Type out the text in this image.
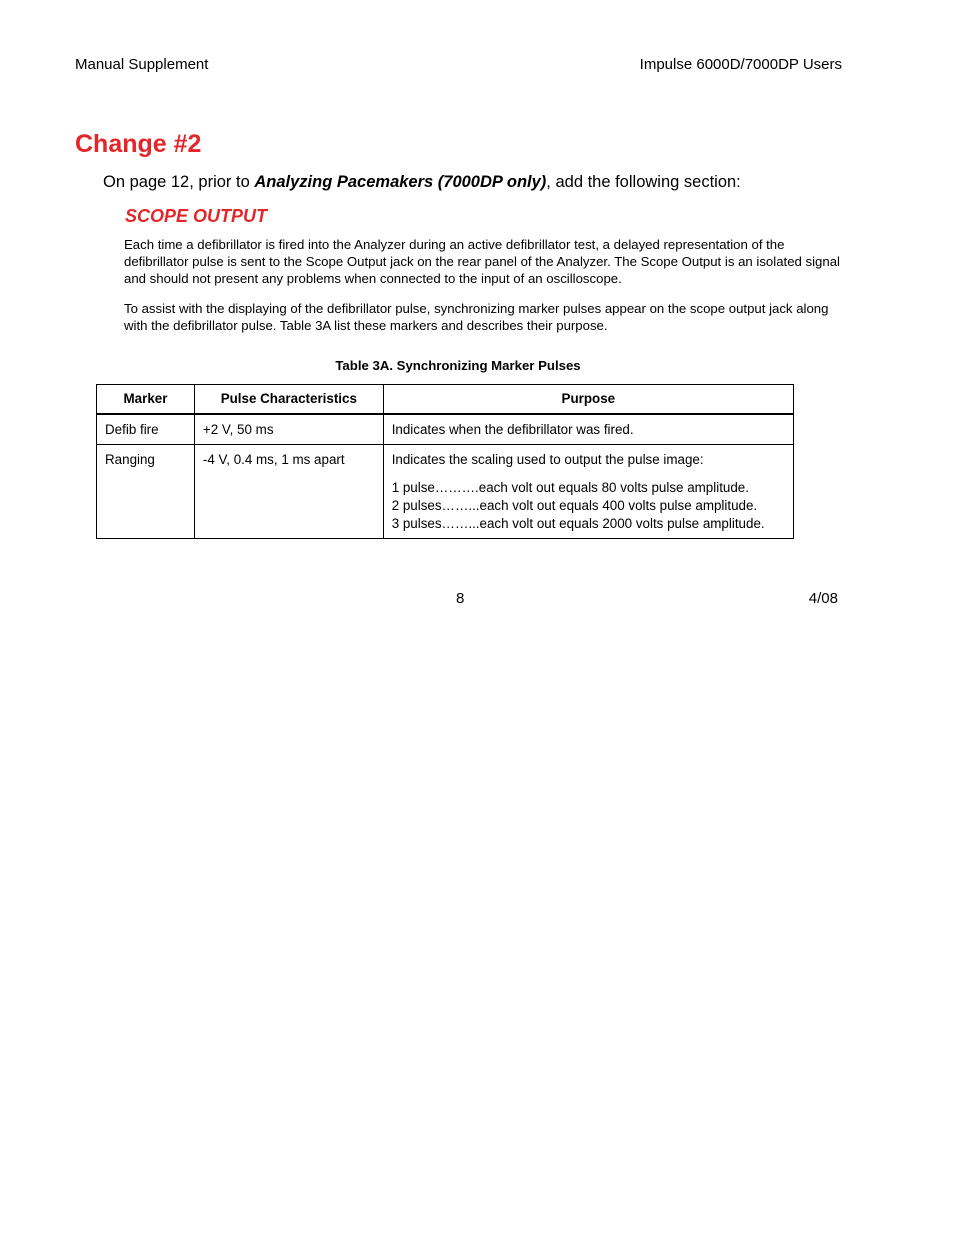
Manual Supplement	Impulse 6000D/7000DP Users
Change #2
On page 12, prior to Analyzing Pacemakers (7000DP only), add the following section:
SCOPE OUTPUT

Each time a defibrillator is fired into the Analyzer during an active defibrillator test, a delayed representation of the defibrillator pulse is sent to the Scope Output jack on the rear panel of the Analyzer. The Scope Output is an isolated signal and should not present any problems when connected to the input of an oscilloscope.

To assist with the displaying of the defibrillator pulse, synchronizing marker pulses appear on the scope output jack along with the defibrillator pulse. Table 3A list these markers and describes their purpose.

Table 3A. Synchronizing Marker Pulses
Marker	Pulse Characteristics	Purpose
Defib fire	+2 V, 50 ms	Indicates when the defibrillator was fired.
Ranging	-4 V, 0.4 ms, 1 ms apart	Indicates the scaling used to output the pulse image:
1 pulse……….each volt out equals 80 volts pulse amplitude.
2 pulses……...each volt out equals 400 volts pulse amplitude.
3 pulses……...each volt out equals 2000 volts pulse amplitude.
8	4/08
